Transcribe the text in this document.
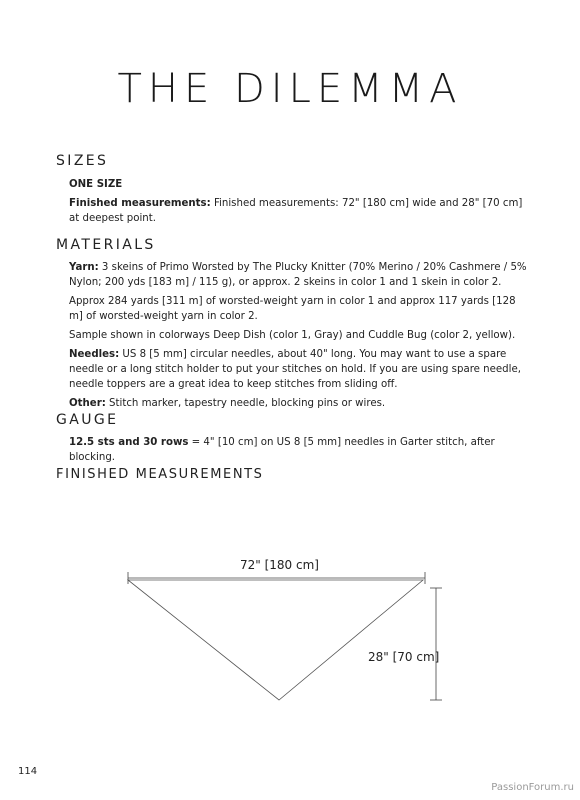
THE DILEMMA
SIZES

ONE SIZE

Finished measurements: Finished measurements: 72" [180 cm] wide and 28" [70 cm] at deepest point.

MATERIALS

Yarn: 3 skeins of Primo Worsted by The Plucky Knitter (70% Merino / 20% Cashmere / 5% Nylon; 200 yds [183 m] / 115 g), or approx. 2 skeins in color 1 and 1 skein in color 2.

Approx 284 yards [311 m] of worsted-weight yarn in color 1 and approx 117 yards [128 m] of worsted-weight yarn in color 2.

Sample shown in colorways Deep Dish (color 1, Gray) and Cuddle Bug (color 2, yellow).

Needles: US 8 [5 mm] circular needles, about 40" long. You may want to use a spare needle or a long stitch holder to put your stitches on hold. If you are using spare needle, needle toppers are a great idea to keep stitches from sliding off.

Other: Stitch marker, tapestry needle, blocking pins or wires.

GAUGE

12.5 sts and 30 rows = 4" [10 cm] on US 8 [5 mm] needles in Garter stitch, after blocking.

FINISHED MEASUREMENTS
72" [180 cm]
28" [70 cm]
114
PassionForum.ru
